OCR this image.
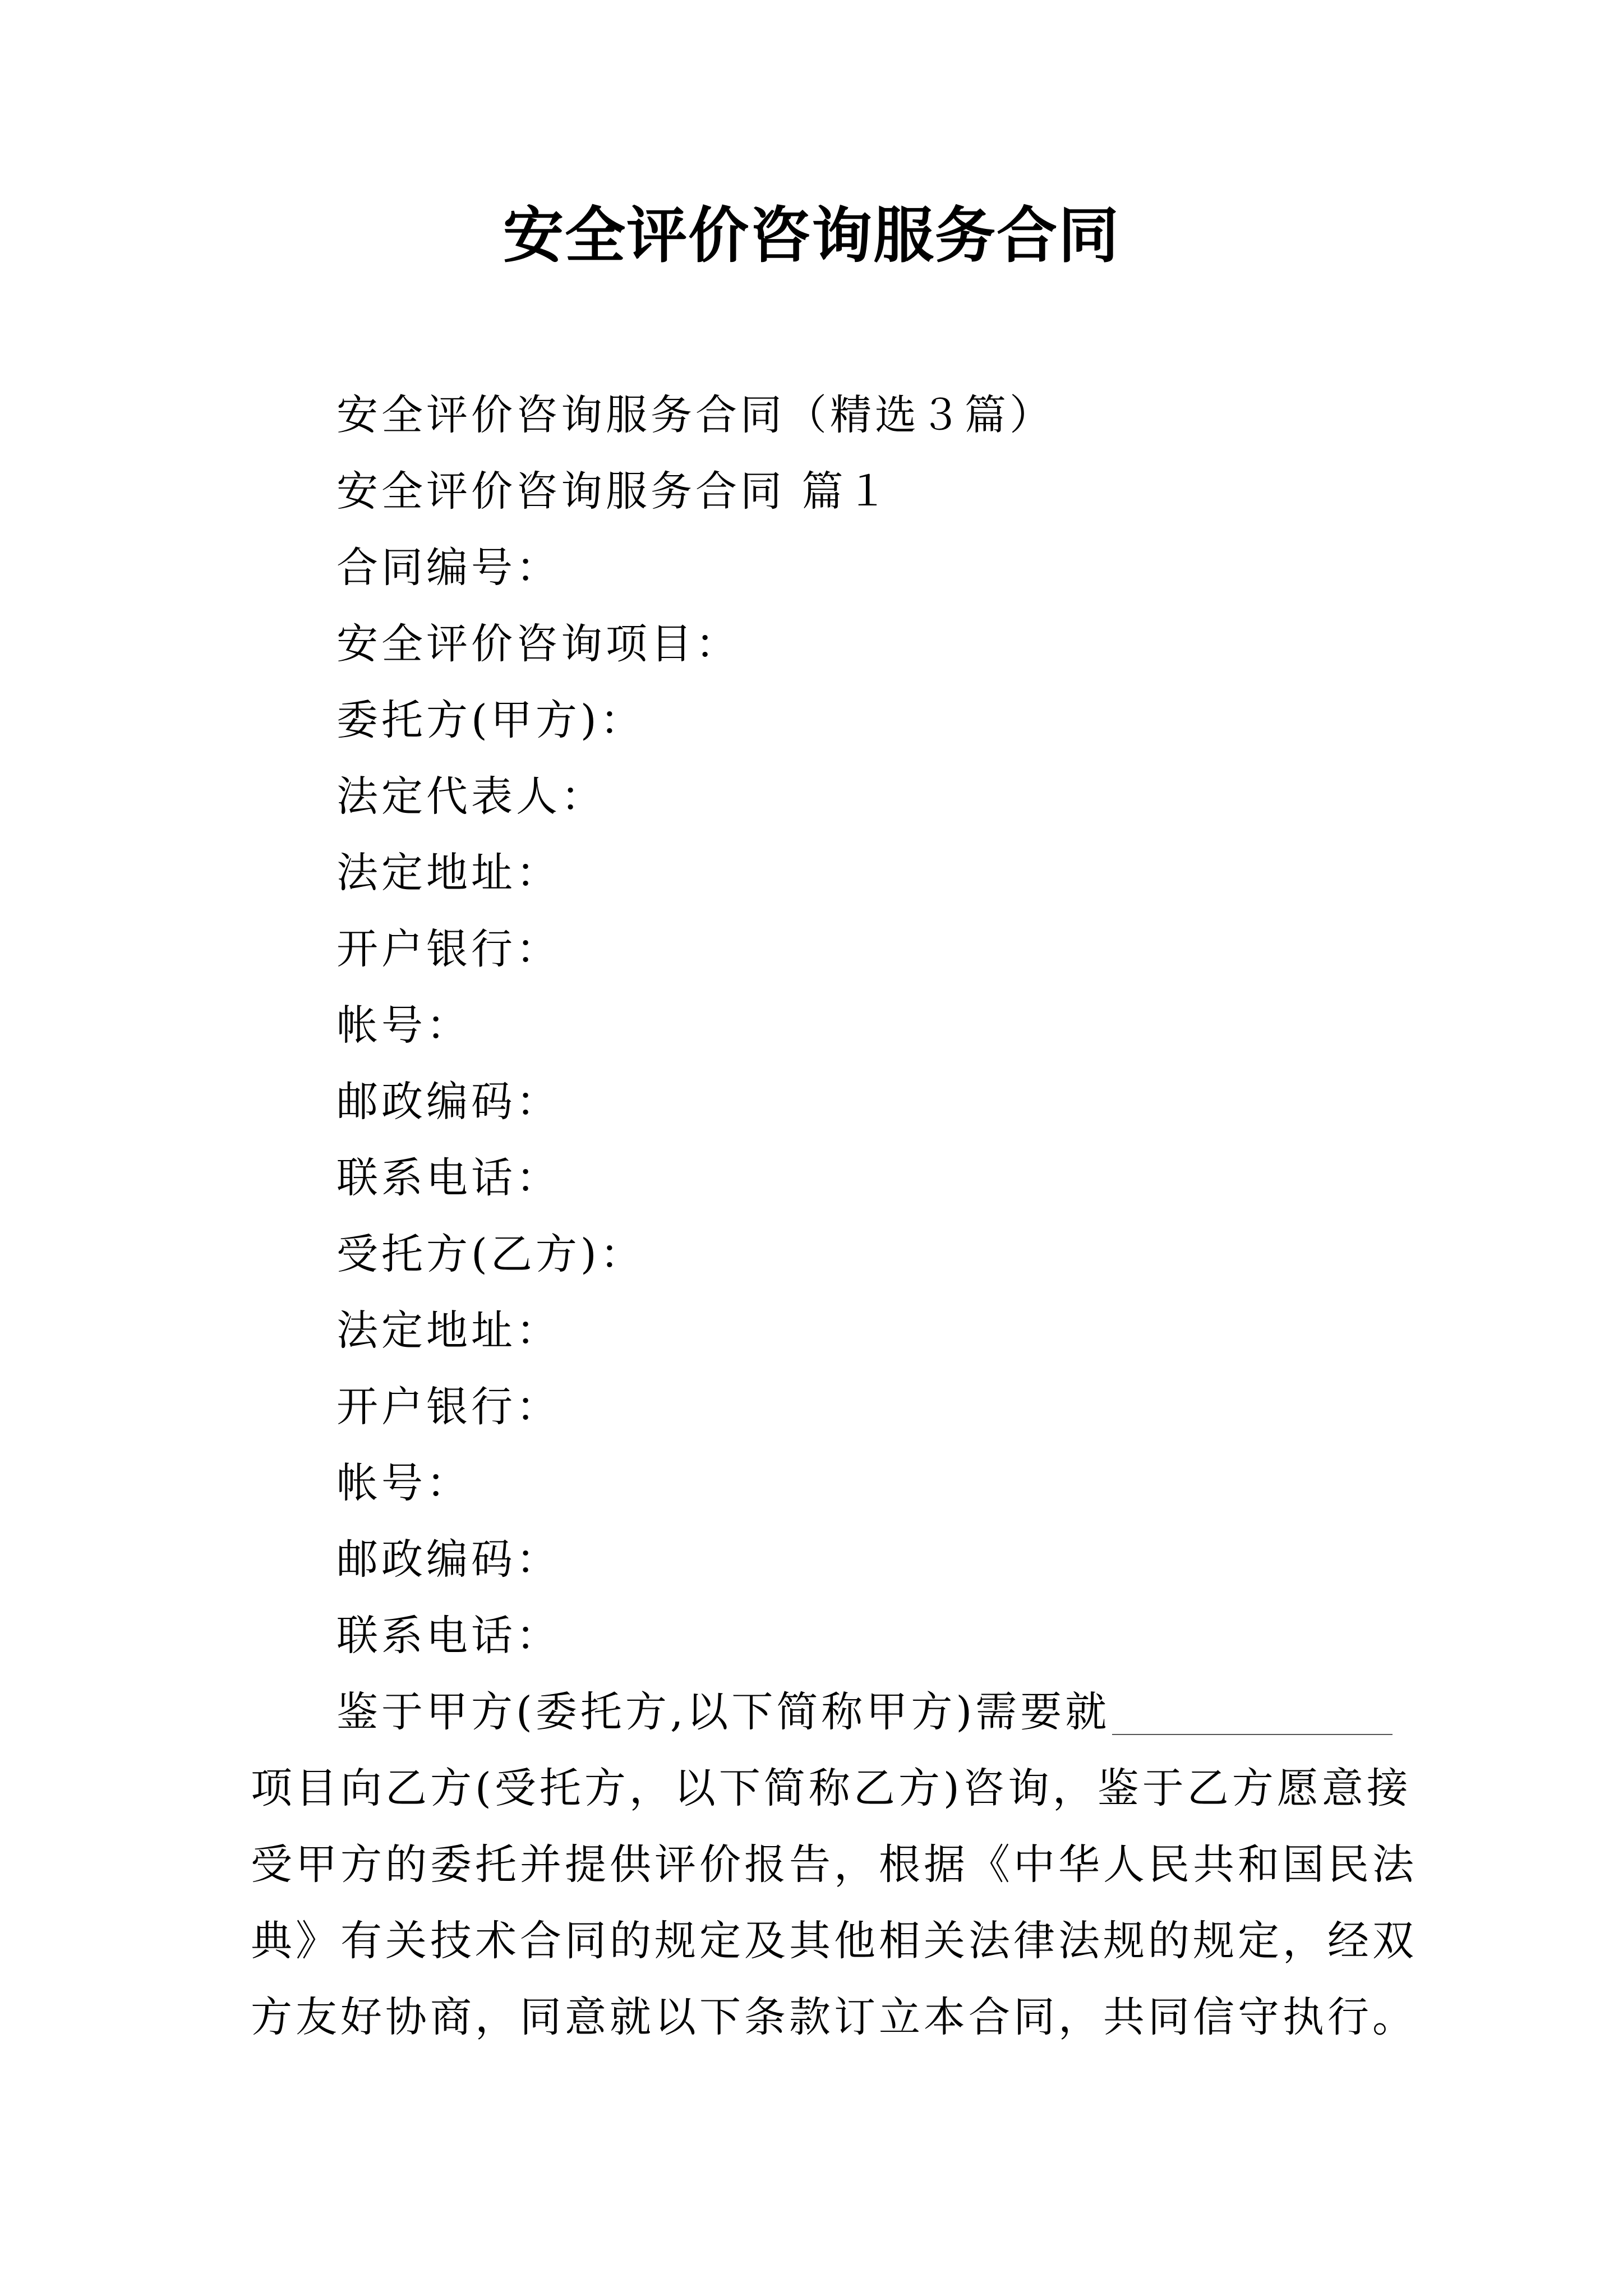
安全评价咨询服务合同
安全评价咨询服务合同（精选３篇）
安全评价咨询服务合同 篇１
合同编号：
安全评价咨询项目：
委托方(甲方)：
法定代表人：
法定地址：
开户银行：
帐号：
邮政编码：
联系电话：
受托方(乙方)：
法定地址：
开户银行：
帐号：
邮政编码：
联系电话：
鉴于甲方(委托方,以下简称甲方)需要就
项目向乙方(受托方，以下简称乙方)咨询，鉴于乙方愿意接
受甲方的委托并提供评价报告，根据《中华人民共和国民法
典》有关技术合同的规定及其他相关法律法规的规定，经双
方友好协商，同意就以下条款订立本合同，共同信守执行。
